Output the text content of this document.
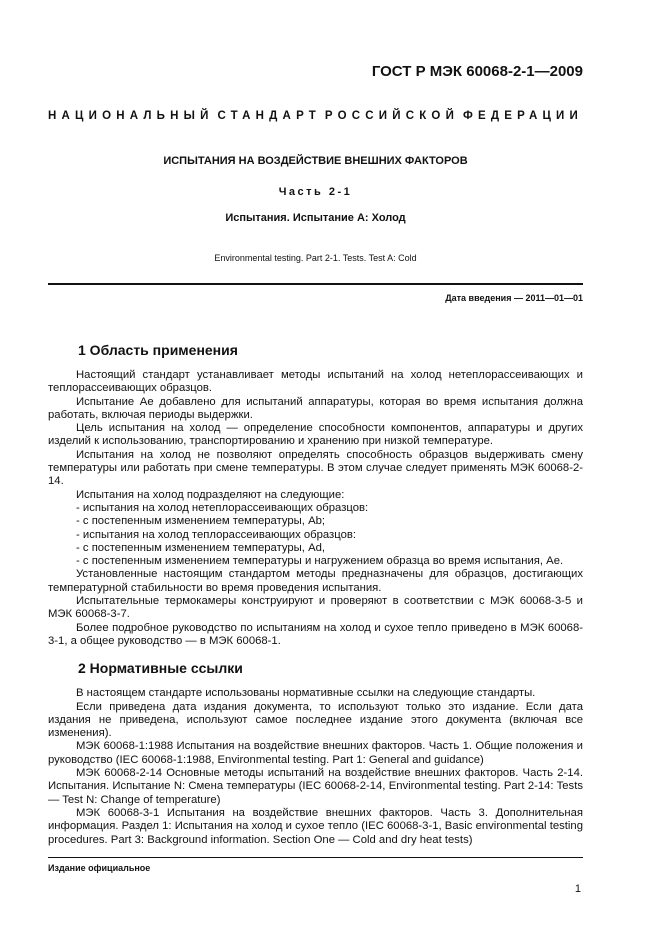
ГОСТ Р МЭК 60068-2-1—2009
НАЦИОНАЛЬНЫЙ СТАНДАРТ РОССИЙСКОЙ ФЕДЕРАЦИИ
ИСПЫТАНИЯ НА ВОЗДЕЙСТВИЕ ВНЕШНИХ ФАКТОРОВ
Часть 2-1
Испытания. Испытание А: Холод
Environmental testing. Part 2-1. Tests. Test A: Cold
Дата введения — 2011—01—01
1 Область применения

Настоящий стандарт устанавливает методы испытаний на холод нетеплорассеивающих и теплорассеивающих образцов.

Испытание Ae добавлено для испытаний аппаратуры, которая во время испытания должна работать, включая периоды выдержки.

Цель испытания на холод — определение способности компонентов, аппаратуры и других изделий к использованию, транспортированию и хранению при низкой температуре.

Испытания на холод не позволяют определять способность образцов выдерживать смену температуры или работать при смене температуры. В этом случае следует применять МЭК 60068-2-14.

Испытания на холод подразделяют на следующие:

- испытания на холод нетеплорассеивающих образцов:

- с постепенным изменением температуры, Ab;

- испытания на холод теплорассеивающих образцов:

- с постепенным изменением температуры, Ad,

- с постепенным изменением температуры и нагружением образца во время испытания, Ae.

Установленные настоящим стандартом методы предназначены для образцов, достигающих температурной стабильности во время проведения испытания.

Испытательные термокамеры конструируют и проверяют в соответствии с МЭК 60068-3-5 и МЭК 60068-3-7.

Более подробное руководство по испытаниям на холод и сухое тепло приведено в МЭК 60068-3-1, а общее руководство — в МЭК 60068-1.

2 Нормативные ссылки

В настоящем стандарте использованы нормативные ссылки на следующие стандарты.

Если приведена дата издания документа, то используют только это издание. Если дата издания не приведена, используют самое последнее издание этого документа (включая все изменения).

МЭК 60068-1:1988 Испытания на воздействие внешних факторов. Часть 1. Общие положения и руководство (IEC 60068-1:1988, Environmental testing. Part 1: General and guidance)

МЭК 60068-2-14 Основные методы испытаний на воздействие внешних факторов. Часть 2-14. Испытания. Испытание N: Смена температуры (IEC 60068-2-14, Environmental testing. Part 2-14: Tests — Test N: Change of temperature)

МЭК 60068-3-1 Испытания на воздействие внешних факторов. Часть 3. Дополнительная информация. Раздел 1: Испытания на холод и сухое тепло (IEC 60068-3-1, Basic environmental testing procedures. Part 3: Background information. Section One — Cold and dry heat tests)

Издание официальное
1
